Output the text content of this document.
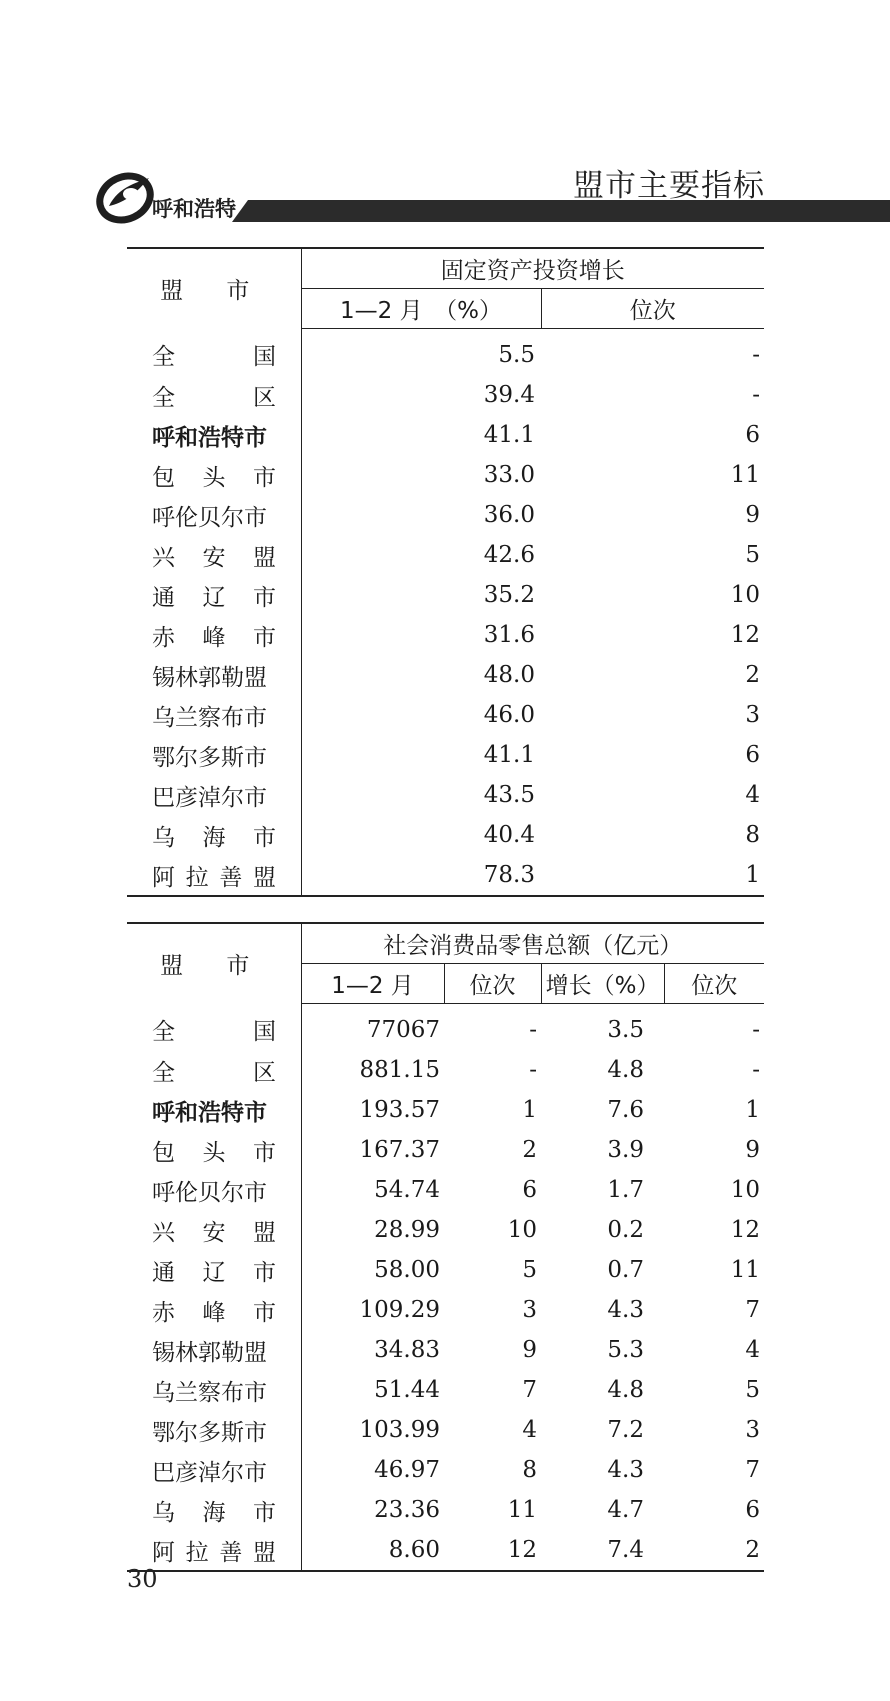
呼和浩特
盟市主要指标
盟 市	固定资产投资增长	
	1—2 月　（%）	位次

全 国	5.5	-

全 区	39.4	-
呼和浩特市	41.1	6

包 头 市	33.0	11
呼伦贝尔市	36.0	9

兴 安 盟	42.6	5

通 辽 市	35.2	10

赤 峰 市	31.6	12
锡林郭勒盟	48.0	2
乌兰察布市	46.0	3
鄂尔多斯市	41.1	6
巴彦淖尔市	43.5	4

乌 海 市	40.4	8

阿 拉 善 盟	78.3	1
盟 市	社会消费品零售总额（亿元）			
	1—2 月	位次	增长（%）	位次

全 国	77067	-	3.5	-

全 区	881.15	-	4.8	-
呼和浩特市	193.57	1	7.6	1

包 头 市	167.37	2	3.9	9
呼伦贝尔市	54.74	6	1.7	10

兴 安 盟	28.99	10	0.2	12

通 辽 市	58.00	5	0.7	11

赤 峰 市	109.29	3	4.3	7
锡林郭勒盟	34.83	9	5.3	4
乌兰察布市	51.44	7	4.8	5
鄂尔多斯市	103.99	4	7.2	3
巴彦淖尔市	46.97	8	4.3	7

乌 海 市	23.36	11	4.7	6

阿 拉 善 盟	8.60	12	7.4	2
30
